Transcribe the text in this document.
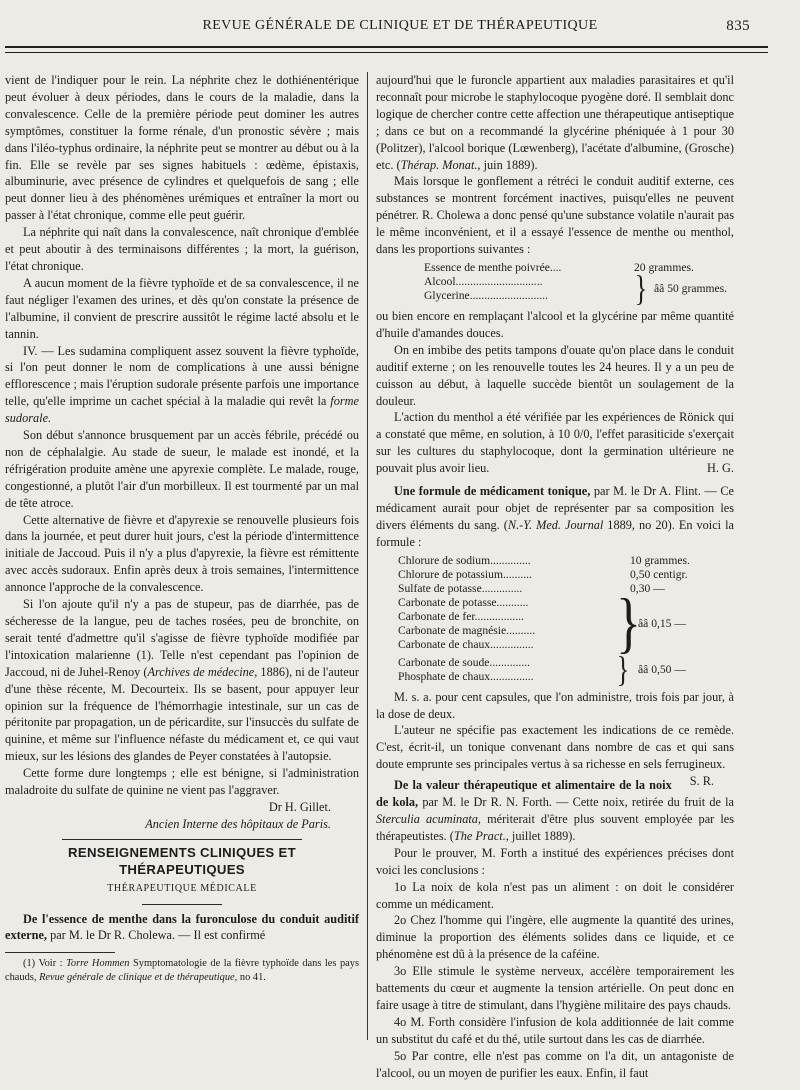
REVUE GÉNÉRALE DE CLINIQUE ET DE THÉRAPEUTIQUE	835

vient de l'indiquer pour le rein. La néphrite chez le dothiénentérique peut évoluer à deux périodes, dans le cours de la maladie, dans la convalescence. Celle de la première période peut dominer les autres symptômes, constituer la forme rénale, d'un pronostic sévère ; mais dans l'iléo-typhus ordinaire, la néphrite peut se montrer au début ou à la fin. Elle se revèle par ses signes habituels : œdème, épistaxis, albuminurie, avec présence de cylindres et quelquefois de sang ; elle peut donner lieu à des phénomènes urémiques et entraîner la mort ou passer à l'état chronique, comme elle peut guérir.

La néphrite qui naît dans la convalescence, naît chronique d'emblée et peut aboutir à des terminaisons différentes ; la mort, la guérison, l'état chronique.

A aucun moment de la fièvre typhoïde et de sa convalescence, il ne faut négliger l'examen des urines, et dès qu'on constate la présence de l'albumine, il convient de prescrire aussitôt le régime lacté absolu et le tannin.

IV. — Les sudamina compliquent assez souvent la fièvre typhoïde, si l'on peut donner le nom de complications à une aussi bénigne efflorescence ; mais l'éruption sudorale présente parfois une importance telle, qu'elle imprime un cachet spécial à la maladie qui revêt la forme sudorale.

Son début s'annonce brusquement par un accès fébrile, précédé ou non de céphalalgie. Au stade de sueur, le malade est inondé, et la réfrigération produite amène une apyrexie complète. Le malade, rouge, congestionné, a plutôt l'air d'un morbilleux. Il est tourmenté par un mal de tête atroce.

Cette alternative de fièvre et d'apyrexie se renouvelle plusieurs fois dans la journée, et peut durer huit jours, c'est la période d'intermittence initiale de Jaccoud. Puis il n'y a plus d'apyrexie, la fièvre est rémittente avec accès sudoraux. Enfin après deux à trois semaines, l'intermittence annonce l'approche de la convalescence.

Si l'on ajoute qu'il n'y a pas de stupeur, pas de diarrhée, pas de sécheresse de la langue, peu de taches rosées, peu de bronchite, on serait tenté d'admettre qu'il s'agisse de fièvre typhoïde modifiée par l'intoxication malarienne (1). Telle n'est cependant pas l'opinion de Jaccoud, ni de Juhel-Renoy (Archives de médecine, 1886), ni de l'auteur d'une thèse récente, M. Decourteix. Ils se basent, pour appuyer leur opinion sur la fréquence de l'hémorrhagie intestinale, sur un cas de péritonite par propagation, un de péricardite, sur l'insuccès du sulfate de quinine, et même sur l'influence néfaste du médicament et, ce qui vaut mieux, sur les lésions des glandes de Peyer constatées à l'autopsie.

Cette forme dure longtemps ; elle est bénigne, si l'administration maladroite du sulfate de quinine ne vient pas l'aggraver.

Dr H. Gillet.

Ancien Interne des hôpitaux de Paris.

RENSEIGNEMENTS CLINIQUES ET THÉRAPEUTIQUES
THÉRAPEUTIQUE MÉDICALE

De l'essence de menthe dans la furonculose du conduit auditif externe, par M. le Dr R. Cholewa. — Il est confirmé

(1) Voir : Torre Hommen Symptomatologie de la fièvre typhoïde dans les pays chauds, Revue générale de clinique et de thérapeutique, no 41.

aujourd'hui que le furoncle appartient aux maladies parasitaires et qu'il reconnaît pour microbe le staphylocoque pyogène doré. Il semblait donc logique de chercher contre cette affection une thérapeutique antiseptique ; dans ce but on a recommandé la glycérine phéniquée à 1 pour 30 (Politzer), l'alcool borique (Lœwenberg), l'acétate d'albumine, (Grosche) etc. (Thérap. Monat., juin 1889).

Mais lorsque le gonflement a rétréci le conduit auditif externe, ces substances se montrent forcément inactives, puisqu'elles ne peuvent pénétrer. R. Cholewa a donc pensé qu'une substance volatile n'aurait pas le même inconvénient, et il a essayé l'essence de menthe ou menthol, dans les proportions suivantes :

Essence de menthe poivrée....	20 grammes.
Alcool..............................
Glycerine...........................	} ââ 50 grammes.

ou bien encore en remplaçant l'alcool et la glycérine par même quantité d'huile d'amandes douces.

On en imbibe des petits tampons d'ouate qu'on place dans le conduit auditif externe ; on les renouvelle toutes les 24 heures. Il y a un peu de cuisson au début, à laquelle succède bientôt un soulagement de la douleur.

L'action du menthol a été vérifiée par les expériences de Rönick qui a constaté que même, en solution, à 10 0/0, l'effet parasiticide s'exerçait sur les cultures du staphylocoque, dont la germination ultérieure ne pouvait plus avoir lieu.	H. G.

Une formule de médicament tonique, par M. le Dr A. Flint. — Ce médicament aurait pour objet de représenter par sa composition les divers éléments du sang. (N.-Y. Med. Journal 1889, no 20). En voici la formule :

Chlorure de sodium..............	10 grammes.
Chlorure de potassium..........	0,50 centigr.
Sulfate de potasse..............	0,30 —
Carbonate de potasse...........
Carbonate de fer.................
Carbonate de magnésie..........
Carbonate de chaux...............	}
ââ 0,15 —
Carbonate de soude..............
Phosphate de chaux...............	} ââ 0,50 —

M. s. a. pour cent capsules, que l'on administre, trois fois par jour, à la dose de deux.

L'auteur ne spécifie pas exactement les indications de ce remède. C'est, écrit-il, un tonique convenant dans nombre de cas et qui sans doute emprunte ses principales vertus à sa richesse en sels ferrugineux.
S. R.

De la valeur thérapeutique et alimentaire de la noix de kola, par M. le Dr R. N. Forth. — Cette noix, retirée du fruit de la Sterculia acuminata, mériterait d'être plus souvent employée par les thérapeutistes. (The Pract., juillet 1889).

Pour le prouver, M. Forth a institué des expériences précises dont voici les conclusions :

1o La noix de kola n'est pas un aliment : on doit le considérer comme un médicament.

2o Chez l'homme qui l'ingère, elle augmente la quantité des urines, diminue la proportion des éléments solides dans ce liquide, et ce phénomène est dû à la présence de la caféine.

3o Elle stimule le système nerveux, accélère temporairement les battements du cœur et augmente la tension artérielle. On peut donc en faire usage à titre de stimulant, dans l'hygiène militaire des pays chauds.

4o M. Forth considère l'infusion de kola additionnée de lait comme un substitut du café et du thé, utile surtout dans les cas de diarrhée.

5o Par contre, elle n'est pas comme on l'a dit, un antagoniste de l'alcool, ou un moyen de purifier les eaux. Enfin, il faut
